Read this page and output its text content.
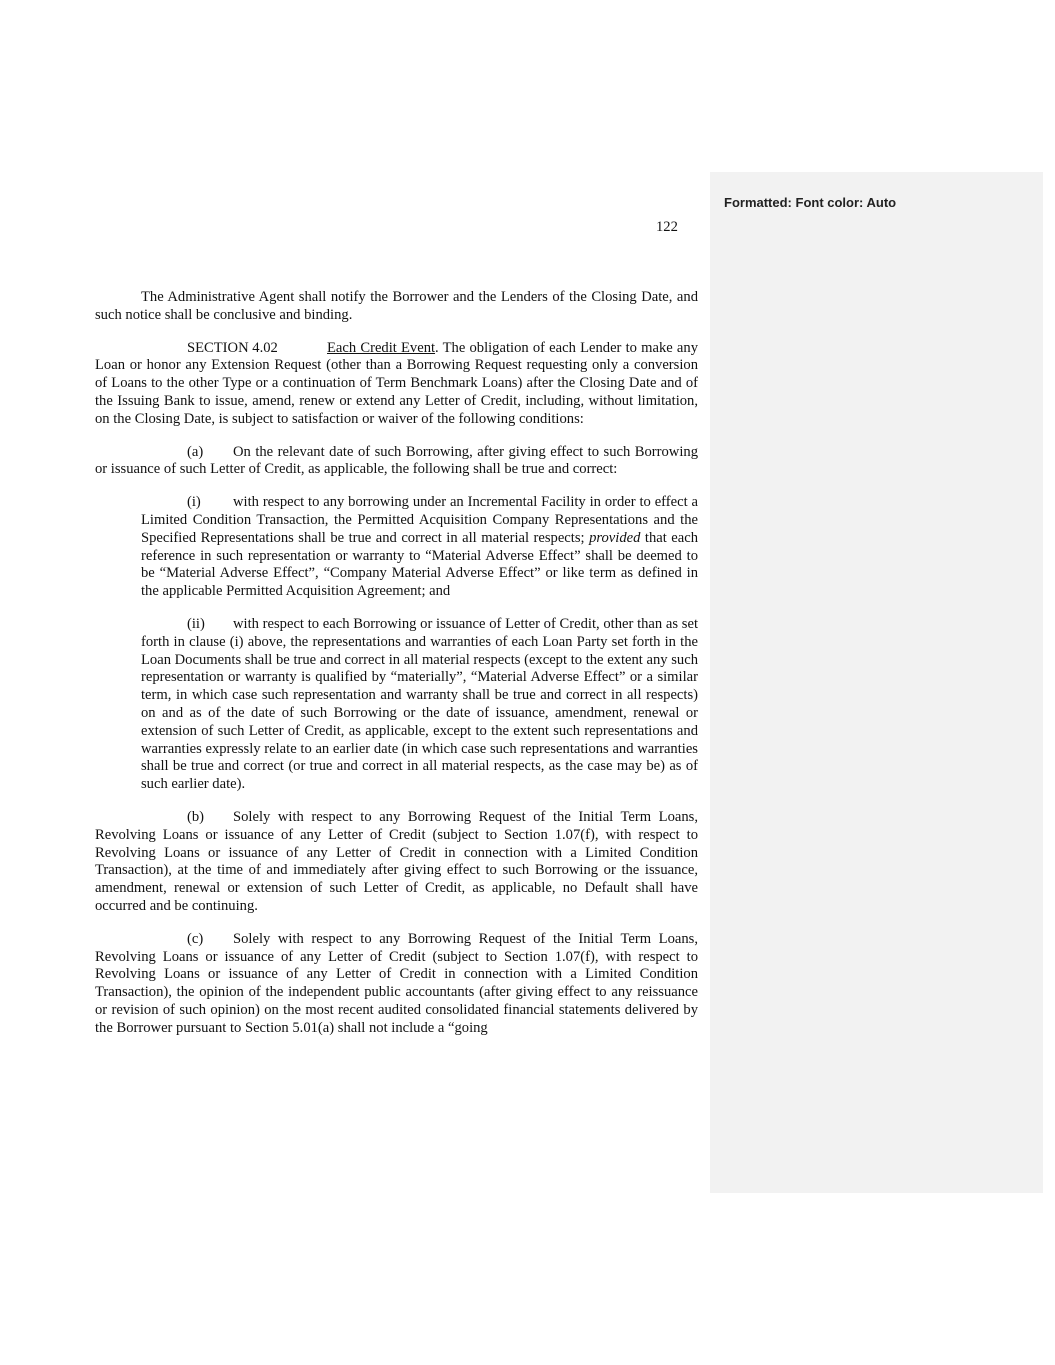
Formatted: Font color: Auto
122

The Administrative Agent shall notify the Borrower and the Lenders of the Closing Date, and such notice shall be conclusive and binding.

SECTION 4.02	Each Credit Event. The obligation of each Lender to make any Loan or honor any Extension Request (other than a Borrowing Request requesting only a conversion of Loans to the other Type or a continuation of Term Benchmark Loans) after the Closing Date and of the Issuing Bank to issue, amend, renew or extend any Letter of Credit, including, without limitation, on the Closing Date, is subject to satisfaction or waiver of the following conditions:

(a) On the relevant date of such Borrowing, after giving effect to such Borrowing or issuance of such Letter of Credit, as applicable, the following shall be true and correct:

(i) with respect to any borrowing under an Incremental Facility in order to effect a Limited Condition Transaction, the Permitted Acquisition Company Representations and the Specified Representations shall be true and correct in all material respects; provided that each reference in such representation or warranty to “Material Adverse Effect” shall be deemed to be “Material Adverse Effect”, “Company Material Adverse Effect” or like term as defined in the applicable Permitted Acquisition Agreement; and

(ii) with respect to each Borrowing or issuance of Letter of Credit, other than as set forth in clause (i) above, the representations and warranties of each Loan Party set forth in the Loan Documents shall be true and correct in all material respects (except to the extent any such representation or warranty is qualified by “materially”, “Material Adverse Effect” or a similar term, in which case such representation and warranty shall be true and correct in all respects) on and as of the date of such Borrowing or the date of issuance, amendment, renewal or extension of such Letter of Credit, as applicable, except to the extent such representations and warranties expressly relate to an earlier date (in which case such representations and warranties shall be true and correct (or true and correct in all material respects, as the case may be) as of such earlier date).

(b) Solely with respect to any Borrowing Request of the Initial Term Loans, Revolving Loans or issuance of any Letter of Credit (subject to Section 1.07(f), with respect to Revolving Loans or issuance of any Letter of Credit in connection with a Limited Condition Transaction), at the time of and immediately after giving effect to such Borrowing or the issuance, amendment, renewal or extension of such Letter of Credit, as applicable, no Default shall have occurred and be continuing.

(c) Solely with respect to any Borrowing Request of the Initial Term Loans, Revolving Loans or issuance of any Letter of Credit (subject to Section 1.07(f), with respect to Revolving Loans or issuance of any Letter of Credit in connection with a Limited Condition Transaction), the opinion of the independent public accountants (after giving effect to any reissuance or revision of such opinion) on the most recent audited consolidated financial statements delivered by the Borrower pursuant to Section 5.01(a) shall not include a “going
